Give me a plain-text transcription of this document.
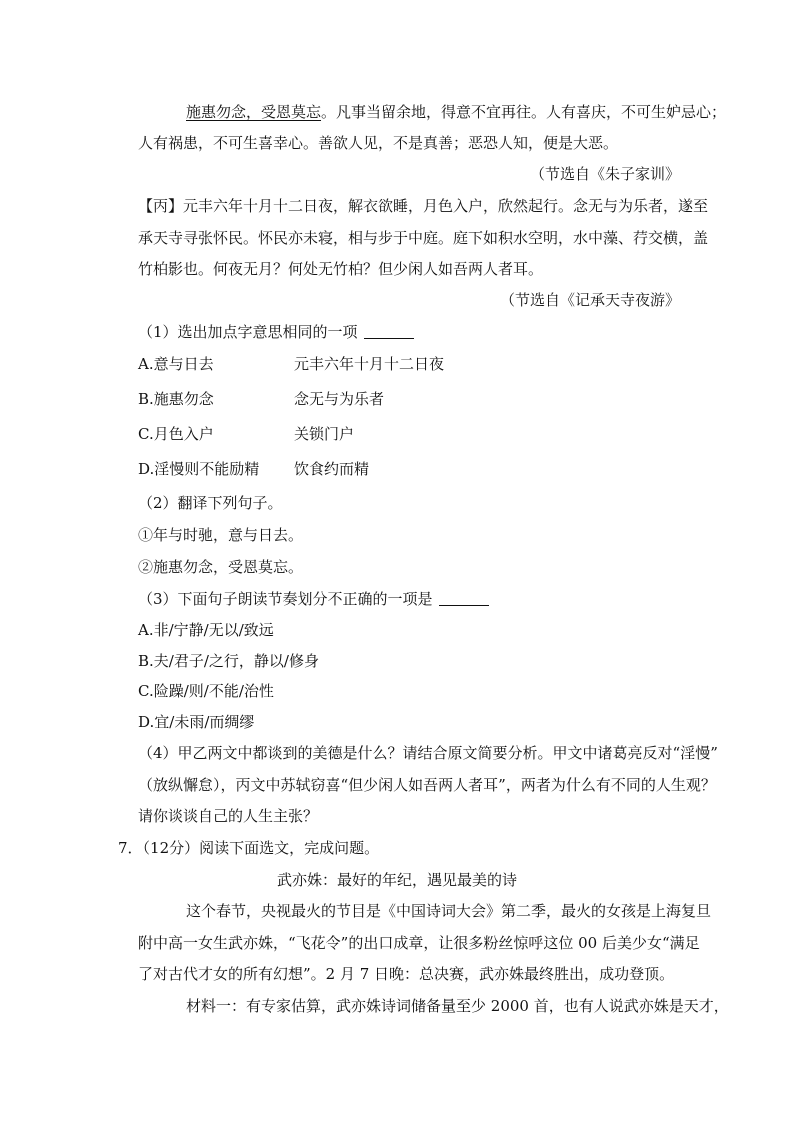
施惠勿念，受恩莫忘。凡事当留余地，得意不宜再往。人有喜庆，不可生妒忌心；
人有祸患，不可生喜幸心。善欲人见，不是真善；恶恐人知，便是大恶。
（节选自《朱子家训》
【丙】元丰六年十月十二日夜，解衣欲睡，月色入户，欣然起行。念无与为乐者，遂至
承天寺寻张怀民。怀民亦未寝，相与步于中庭。庭下如积水空明，水中藻、荇交横，盖
竹柏影也。何夜无月？何处无竹柏？但少闲人如吾两人者耳。
（节选自《记承天寺夜游》
（1）选出加点字意思相同的一项
A.意与日去	元丰六年十月十二日夜
B.施惠勿念	念无与为乐者
C.月色入户	关锁门户
D.淫慢则不能励精 饮食约而精
（2）翻译下列句子。
①年与时驰，意与日去。
②施惠勿念，受恩莫忘。
（3）下面句子朗读节奏划分不正确的一项是
A.非/宁静/无以/致远
B.夫/君子/之行，静以/修身
C.险躁/则/不能/治性
D.宜/未雨/而绸缪
（4）甲乙两文中都谈到的美德是什么？请结合原文简要分析。甲文中诸葛亮反对“淫慢”
（放纵懈怠），丙文中苏轼窃喜“但少闲人如吾两人者耳”，两者为什么有不同的人生观？
请你谈谈自己的人生主张？
7．（12分）阅读下面选文，完成问题。
武亦姝：最好的年纪，遇见最美的诗
这个春节，央视最火的节目是《中国诗词大会》第二季，最火的女孩是上海复旦
附中高一女生武亦姝，“飞花令”的出口成章，让很多粉丝惊呼这位 00 后美少女“满足
了对古代才女的所有幻想”。2 月 7 日晚：总决赛，武亦姝最终胜出，成功登顶。
材料一：有专家估算，武亦姝诗词储备量至少 2000 首，也有人说武亦姝是天才，
